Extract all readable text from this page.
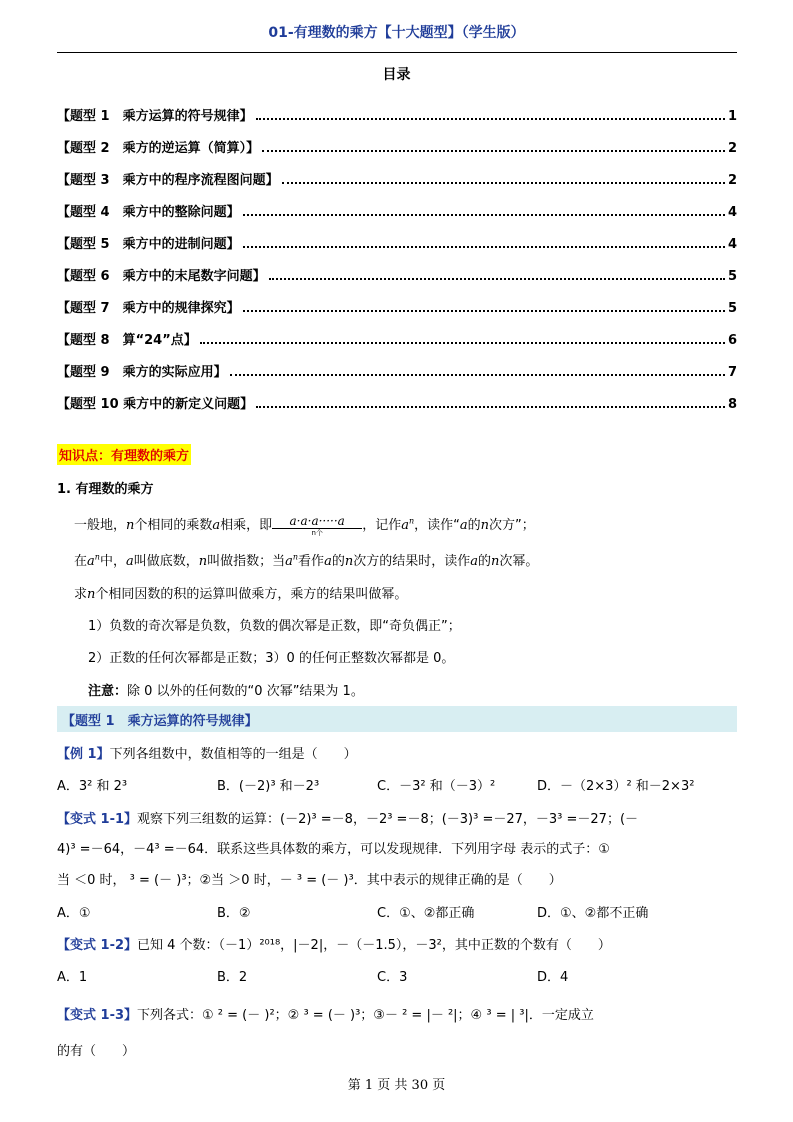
01-有理数的乘方【十大题型】（学生版）
目录
【题型 1　乘方运算的符号规律】	1
【题型 2　乘方的逆运算（简算）】	2
【题型 3　乘方中的程序流程图问题】	2
【题型 4　乘方中的整除问题】	4
【题型 5　乘方中的进制问题】	4
【题型 6　乘方中的末尾数字问题】	5
【题型 7　乘方中的规律探究】	5
【题型 8　算“24”点】	6
【题型 9　乘方的实际应用】	7
【题型 10 乘方中的新定义问题】	8
知识点：有理数的乘方
1. 有理数的乘方
一般地，n个相同的乘数a相乘，即	a·a·a·····a
n个	，记作$a^n$，读作“a的n次方”；
在$a^n$中，a叫做底数，n叫做指数；当$a^n$看作a的n次方的结果时，读作a的n次幂。
求n个相同因数的积的运算叫做乘方，乘方的结果叫做幂。
1）负数的奇次幂是负数，负数的偶次幂是正数，即“奇负偶正”；
2）正数的任何次幂都是正数；3）0 的任何正整数次幂都是 0。
注意：除 0 以外的任何数的“0 次幂”结果为 1。
【题型 1　乘方运算的符号规律】
【例 1】下列各组数中，数值相等的一组是（　　）
A．3² 和 2³	B．(－2)³ 和－2³	C．－3² 和（－3）²	D．－（2×3）² 和－2×3²
【变式 1-1】观察下列三组数的运算：(－2)³ =－8，－2³ =－8；(－3)³ =－27，－3³ =－27；(－
4)³ =－64，－4³ =－64．联系这些具体数的乘方，可以发现规律．下列用字母 表示的式子：①
当 ＜0 时， ³ = (－ )³；②当 ＞0 时，－ ³ = (－ )³．其中表示的规律正确的是（　　）
A．①	B．②	C．①、②都正确	D．①、②都不正确
【变式 1-2】已知 4 个数：（－1）²⁰¹⁸，|－2|，－（－1.5），－3²，其中正数的个数有（　　）
A．1	B．2	C．3	D．4
【变式 1-3】下列各式：① ² = (－ )²；② ³ = (－ )³；③－ ² = |－ ²|；④ ³ = | ³|．一定成立
的有（　　）
第 1 页 共 30 页
